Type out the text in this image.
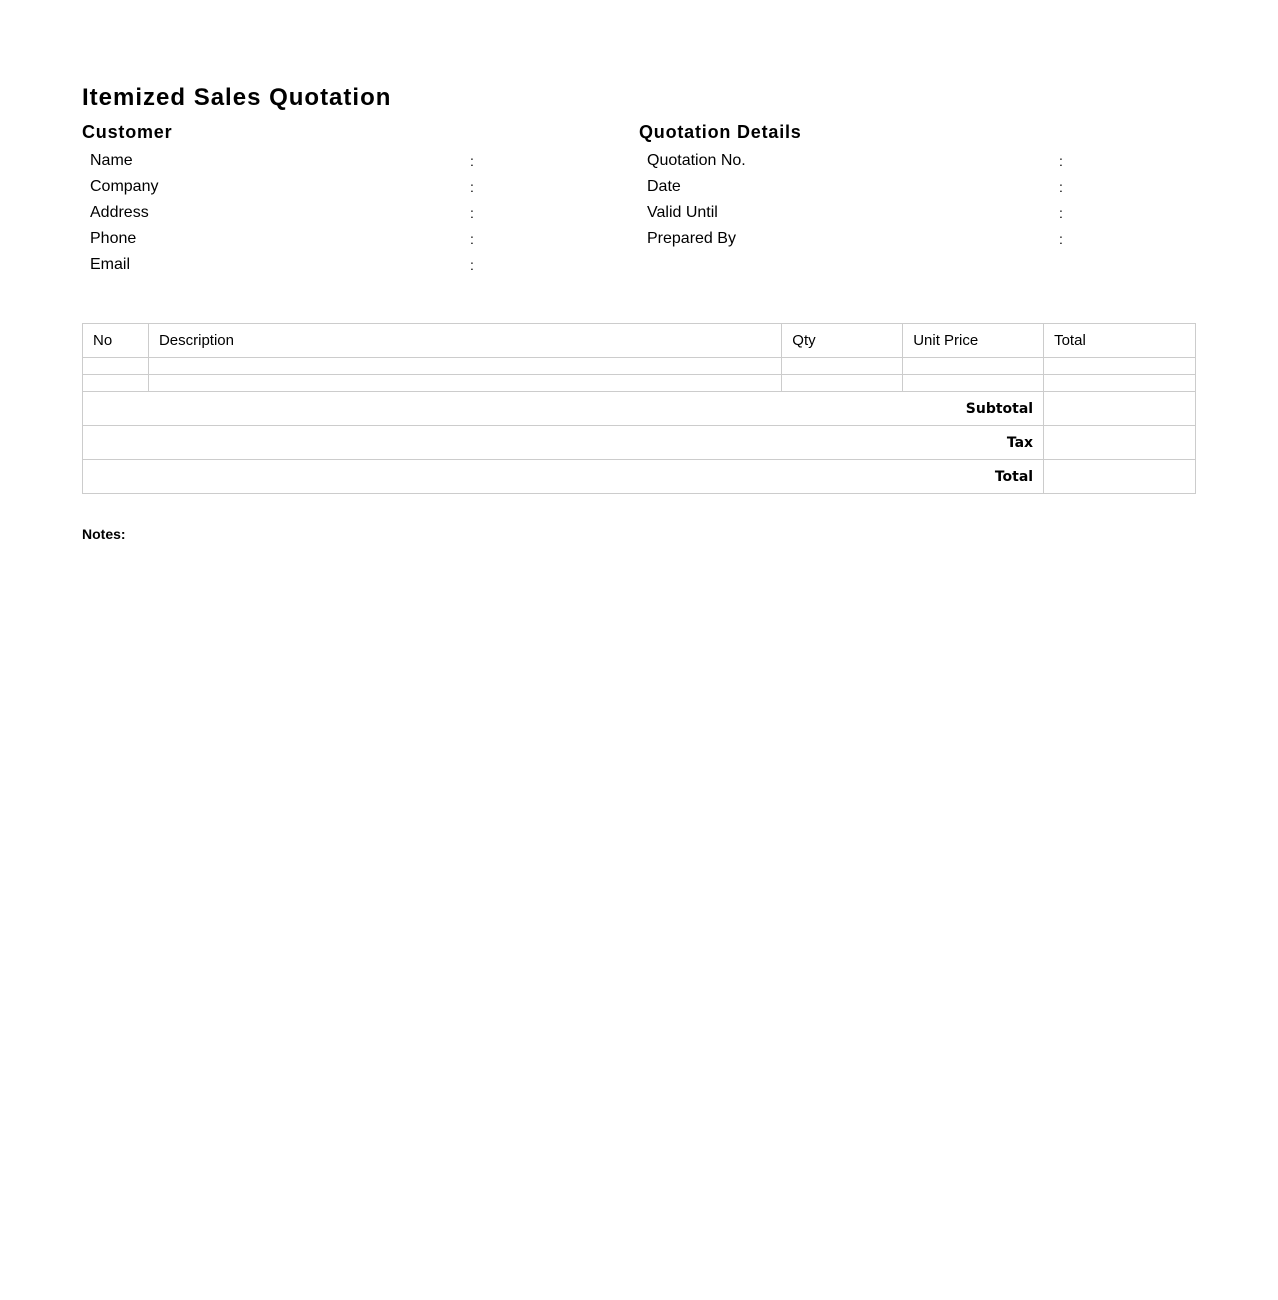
Itemized Sales Quotation
Customer
Name	:	
Company	:	
Address	:	
Phone	:	
Email	:	
Quotation Details
Quotation No.	:	
Date	:	
Valid Until	:	
Prepared By	:	
No	Description	Qty	Unit Price	Total

Subtotal				
Tax				
Total				
Notes:
